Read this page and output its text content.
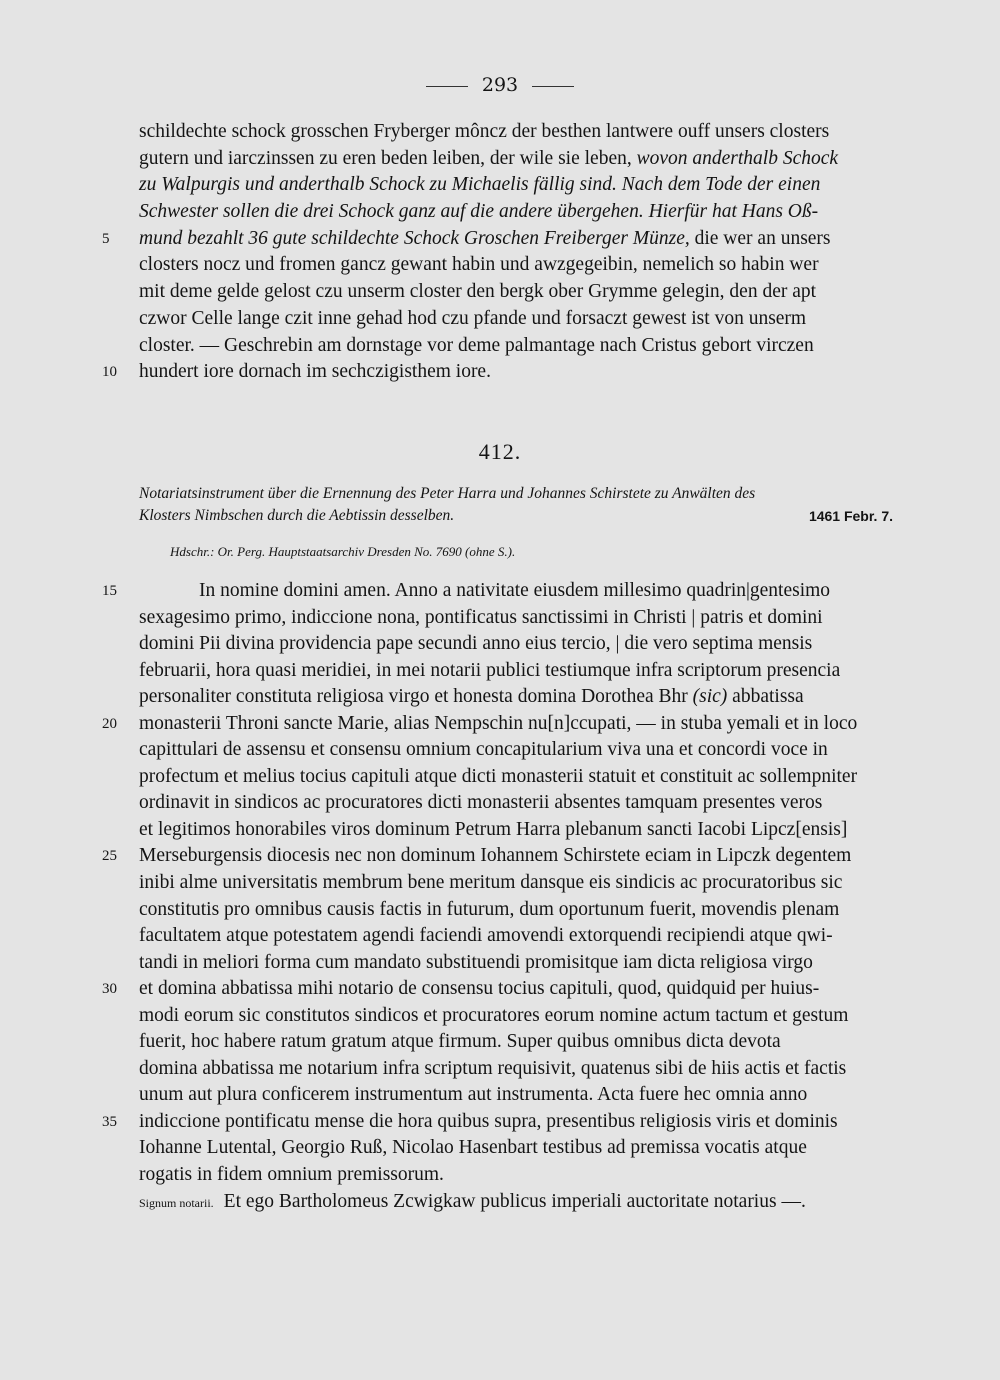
293
schildechte schock grosschen Fryberger môncz der besthen lantwere ouff unsers closters
gutern und iarczinssen zu eren beden leiben, der wile sie leben, wovon anderthalb Schock
zu Walpurgis und anderthalb Schock zu Michaelis fällig sind. Nach dem Tode der einen
Schwester sollen die drei Schock ganz auf die andere übergehen. Hierfür hat Hans Oß-
5	mund bezahlt 36 gute schildechte Schock Groschen Freiberger Münze, die wer an unsers
closters nocz und fromen gancz gewant habin und awzgegeibin, nemelich so habin wer
mit deme gelde gelost czu unserm closter den bergk ober Grymme gelegin, den der apt
czwor Celle lange czit inne gehad hod czu pfande und forsaczt gewest ist von unserm
closter. — Geschrebin am dornstage vor deme palmantage nach Cristus gebort virczen
10	hundert iore dornach im sechczigisthem iore.
412.
Notariatsinstrument über die Ernennung des Peter Harra und Johannes Schirstete zu Anwälten des
Klosters Nimbschen durch die Aebtissin desselben.	1461 Febr. 7.
Hdschr.: Or. Perg. Hauptstaatsarchiv Dresden No. 7690 (ohne S.).
15	In nomine domini amen. Anno a nativitate eiusdem millesimo quadrin|gentesimo
sexagesimo primo, indiccione nona, pontificatus sanctissimi in Christi | patris et domini
domini Pii divina providencia pape secundi anno eius tercio, | die vero septima mensis
februarii, hora quasi meridiei, in mei notarii publici testiumque infra scriptorum presencia
personaliter constituta religiosa virgo et honesta domina Dorothea Bhr (sic) abbatissa
20	monasterii Throni sancte Marie, alias Nempschin nu[n]ccupati, — in stuba yemali et in loco
capittulari de assensu et consensu omnium concapitularium viva una et concordi voce in
profectum et melius tocius capituli atque dicti monasterii statuit et constituit ac sollempniter
ordinavit in sindicos ac procuratores dicti monasterii absentes tamquam presentes veros
et legitimos honorabiles viros dominum Petrum Harra plebanum sancti Iacobi Lipcz[ensis]
25	Merseburgensis diocesis nec non dominum Iohannem Schirstete eciam in Lipczk degentem
inibi alme universitatis membrum bene meritum dansque eis sindicis ac procuratoribus sic
constitutis pro omnibus causis factis in futurum, dum oportunum fuerit, movendis plenam
facultatem atque potestatem agendi faciendi amovendi extorquendi recipiendi atque qwi-
tandi in meliori forma cum mandato substituendi promisitque iam dicta religiosa virgo
30	et domina abbatissa mihi notario de consensu tocius capituli, quod, quidquid per huius-
modi eorum sic constitutos sindicos et procuratores eorum nomine actum tactum et gestum
fuerit, hoc habere ratum gratum atque firmum. Super quibus omnibus dicta devota
domina abbatissa me notarium infra scriptum requisivit, quatenus sibi de hiis actis et factis
unum aut plura conficerem instrumentum aut instrumenta. Acta fuere hec omnia anno
35	indiccione pontificatu mense die hora quibus supra, presentibus religiosis viris et dominis
Iohanne Lutental, Georgio Ruß, Nicolao Hasenbart testibus ad premissa vocatis atque
rogatis in fidem omnium premissorum.
Signum notarii. Et ego Bartholomeus Zcwigkaw publicus imperiali auctoritate notarius —.
